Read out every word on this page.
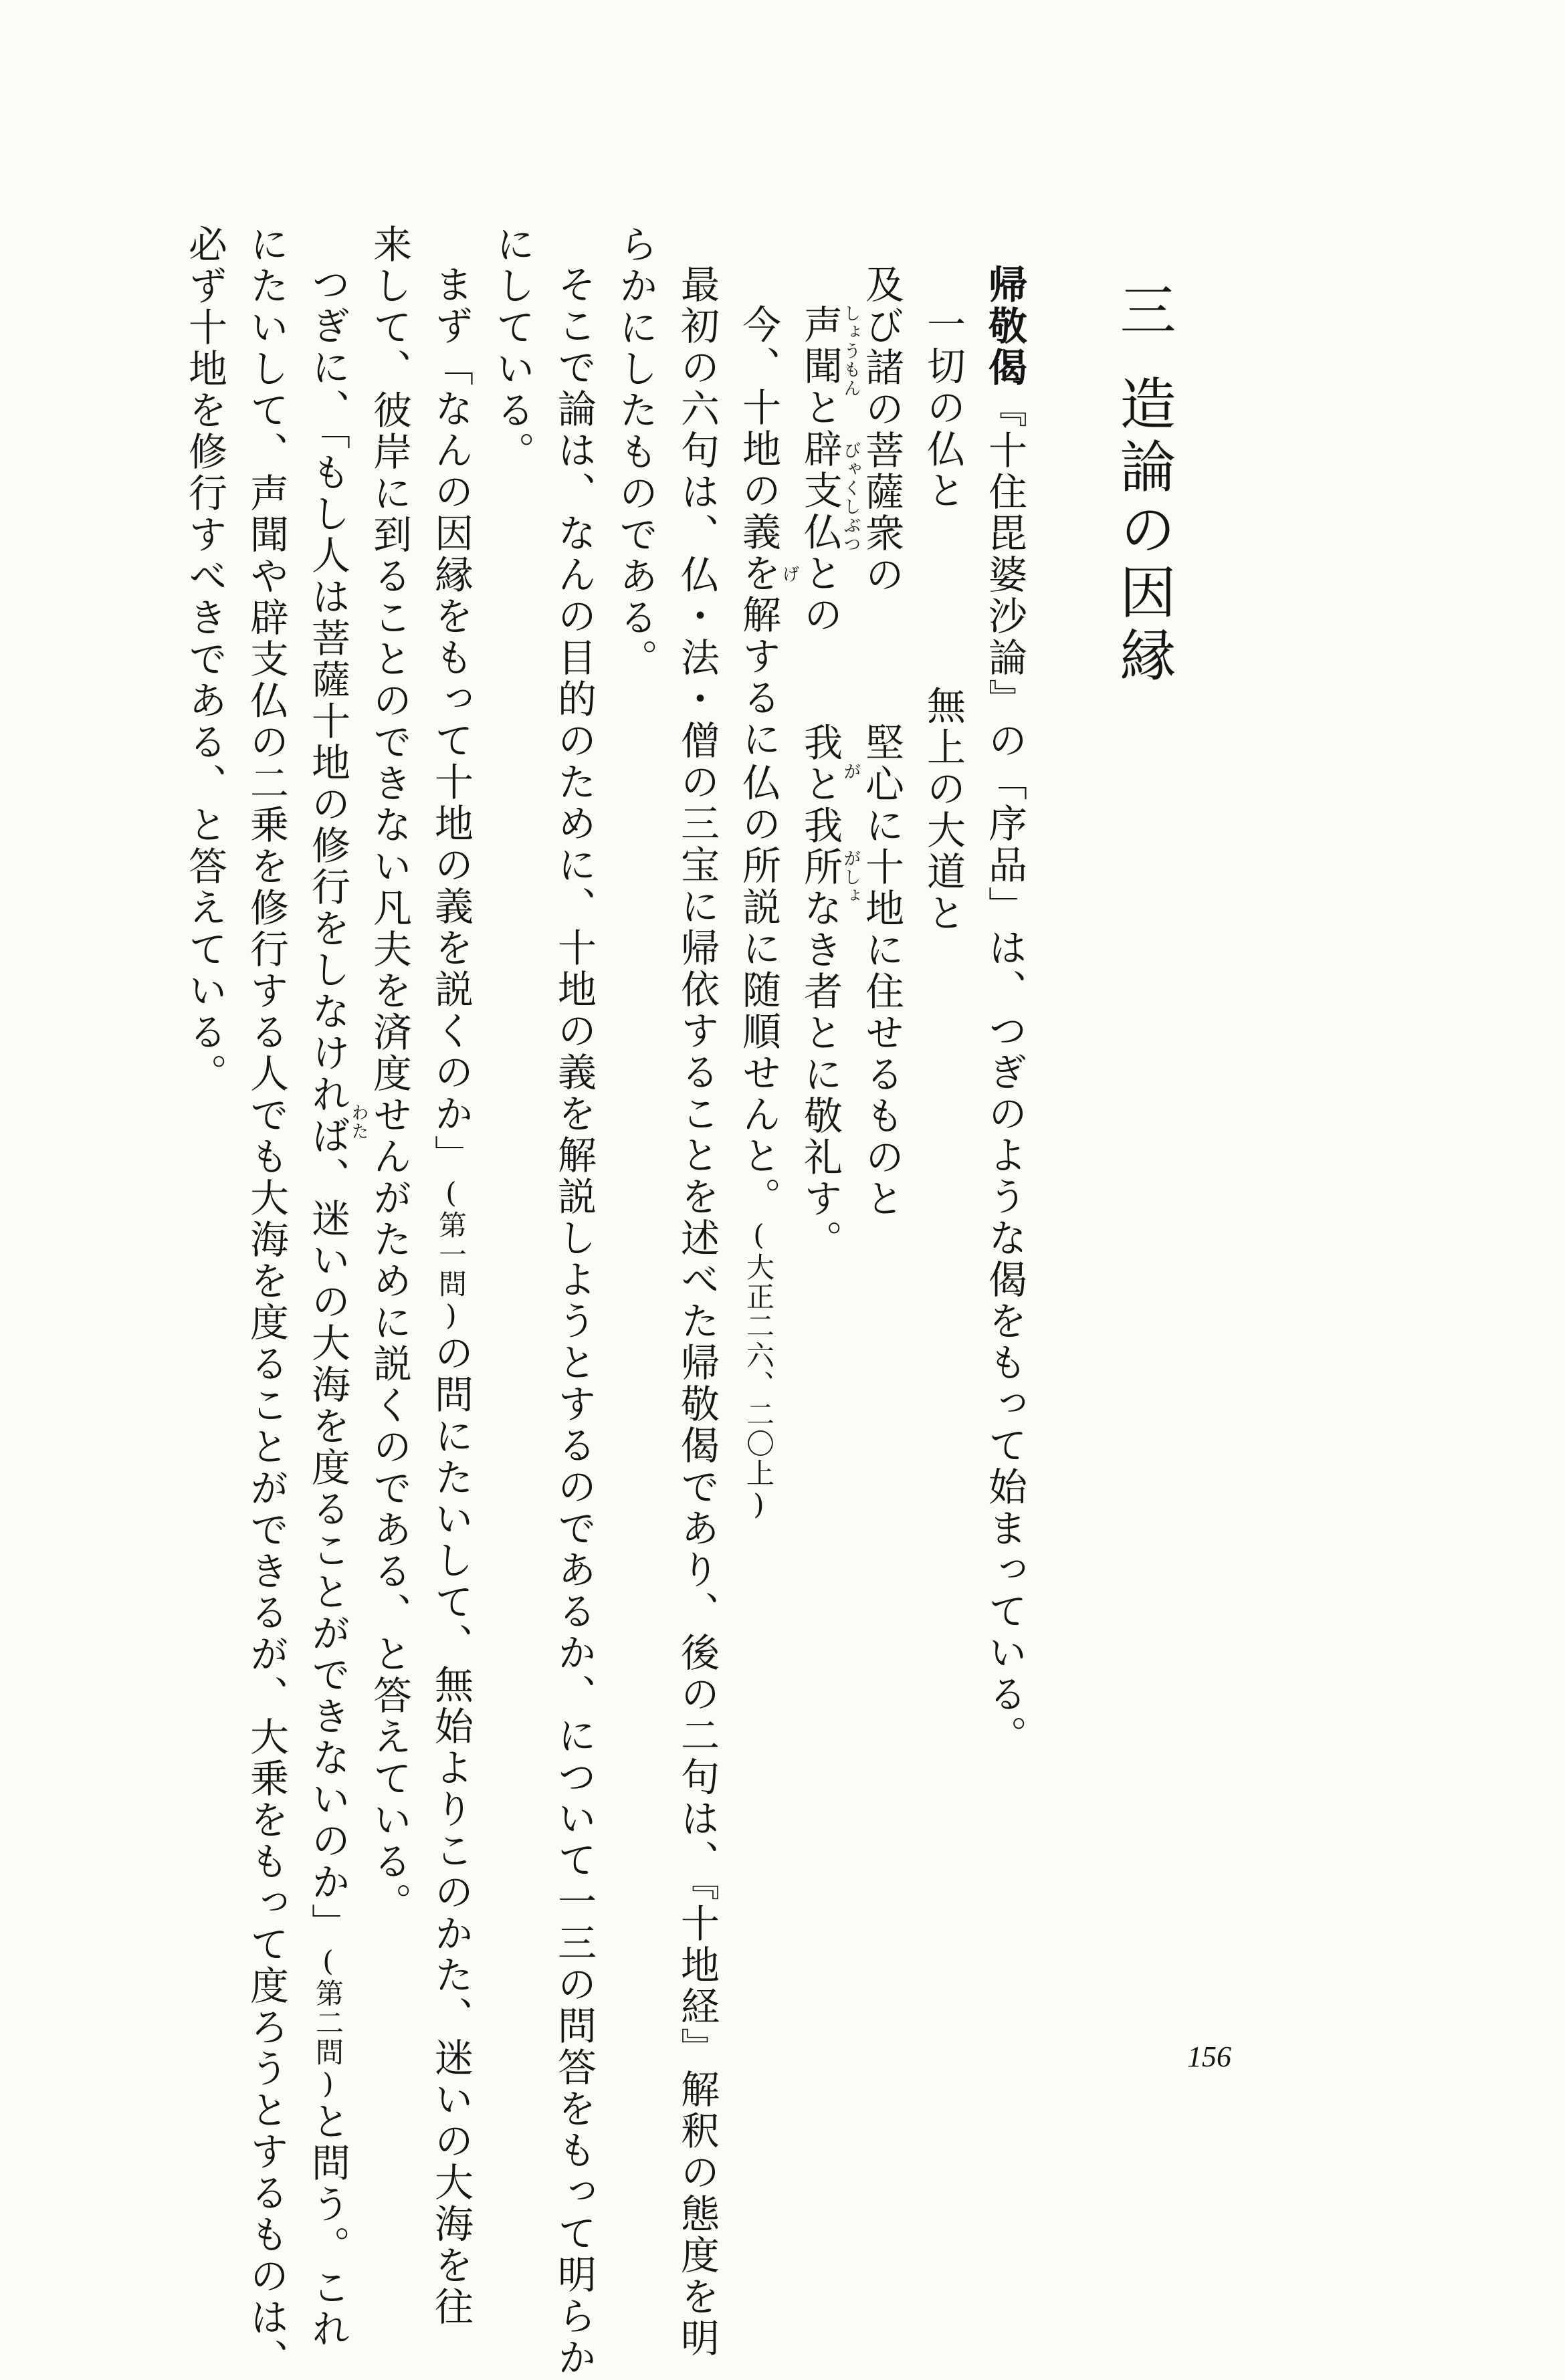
三
造論の因縁
帰敬偈『十住毘婆沙論』の「序品」は、つぎのような偈をもって始まっている。
一切の仏と
無上の大道と
及び諸の菩薩衆の
堅心に十地に住せるものと
声聞と辟支仏との
我と我所なき者とに敬礼す。
しょうもん
びゃくしぶつ
が
がしょ
今、十地の義を解するに
仏の所説に随順せんと。(大正二六、二〇上)
げ
最初の六句は、仏・法・僧の三宝に帰依することを述べた帰敬偈であり、後の二句は、『十地経』解釈の態度を明
らかにしたものである。
そこで論は、なんの目的のために、十地の義を解説しようとするのであるか、について一三の問答をもって明らか
にしている。
まず「なんの因縁をもって十地の義を説くのか」(第一問)の問にたいして、無始よりこのかた、迷いの大海を往
来して、彼岸に到ることのできない凡夫を済度せんがために説くのである、と答えている。
つぎに、「もし人は菩薩十地の修行をしなければ、迷いの大海を度ることができないのか」(第二問)と問う。これ
わた
にたいして、声聞や辟支仏の二乗を修行する人でも大海を度ることができるが、大乗をもって度ろうとするものは、
必ず十地を修行すべきである、と答えている。
156
